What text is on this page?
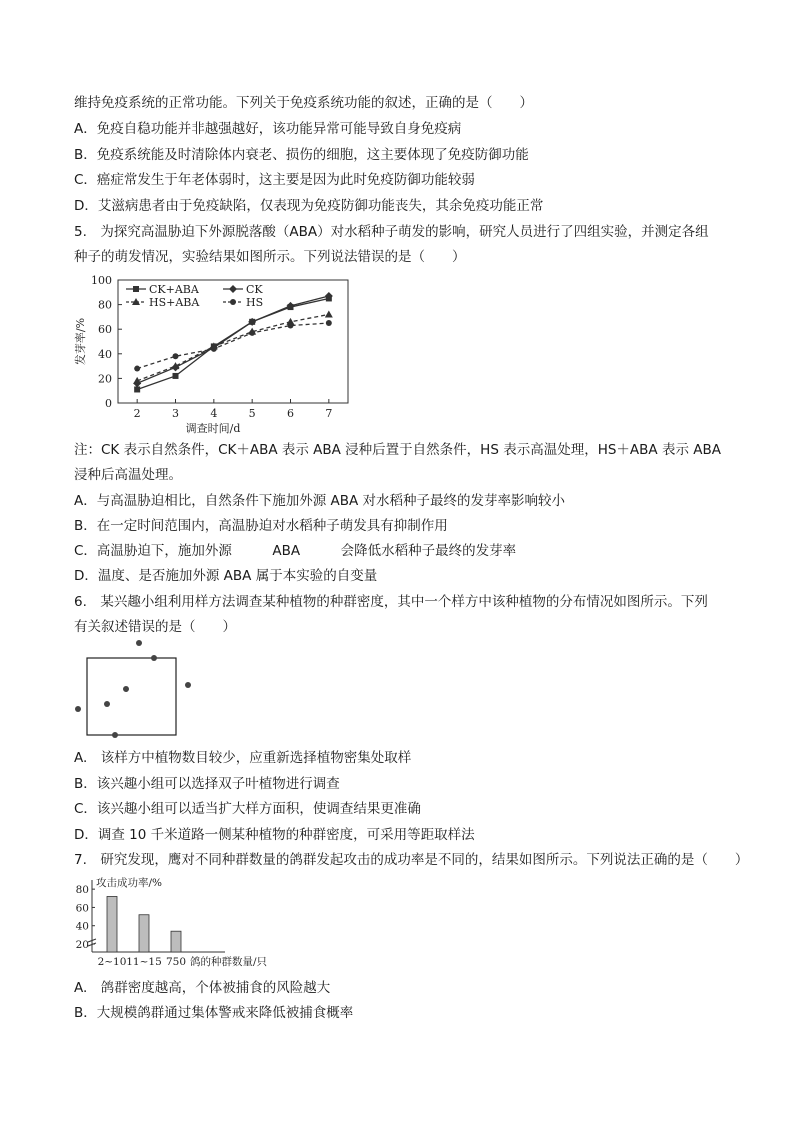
维持免疫系统的正常功能。下列关于免疫系统功能的叙述，正确的是（　　）
A．免疫自稳功能并非越强越好，该功能异常可能导致自身免疫病
B．免疫系统能及时清除体内衰老、损伤的细胞，这主要体现了免疫防御功能
C．癌症常发生于年老体弱时，这主要是因为此时免疫防御功能较弱
D．艾滋病患者由于免疫缺陷，仅表现为免疫防御功能丧失，其余免疫功能正常
5.　为探究高温胁迫下外源脱落酸（ABA）对水稻种子萌发的影响，研究人员进行了四组实验，并测定各组
种子的萌发情况，实验结果如图所示。下列说法错误的是（　　）
0
20
40
60
80
100
2	3	4	5	6	7
调查时间/d
发芽率/%
CK+ABA	CK
HS+ABA	HS
注：CK 表示自然条件，CK＋ABA 表示 ABA 浸种后置于自然条件，HS 表示高温处理，HS＋ABA 表示 ABA
浸种后高温处理。
A．与高温胁迫相比，自然条件下施加外源 ABA 对水稻种子最终的发芽率影响较小
B．在一定时间范围内，高温胁迫对水稻种子萌发具有抑制作用
C．高温胁迫下，施加外源　　　ABA　　　会降低水稻种子最终的发芽率
D．温度、是否施加外源 ABA 属于本实验的自变量
6.　某兴趣小组利用样方法调查某种植物的种群密度，其中一个样方中该种植物的分布情况如图所示。下列
有关叙述错误的是（　　）
A.　该样方中植物数目较少，应重新选择植物密集处取样
B．该兴趣小组可以选择双子叶植物进行调查
C．该兴趣小组可以适当扩大样方面积，使调查结果更准确
D．调查 10 千米道路一侧某种植物的种群密度，可采用等距取样法
7.　研究发现，鹰对不同种群数量的鸽群发起攻击的成功率是不同的，结果如图所示。下列说法正确的是（　　）
20
40
60
80
攻击成功率/%
2~10 11~15 750 鸽的种群数量/只
A.　鸽群密度越高，个体被捕食的风险越大
B．大规模鸽群通过集体警戒来降低被捕食概率
